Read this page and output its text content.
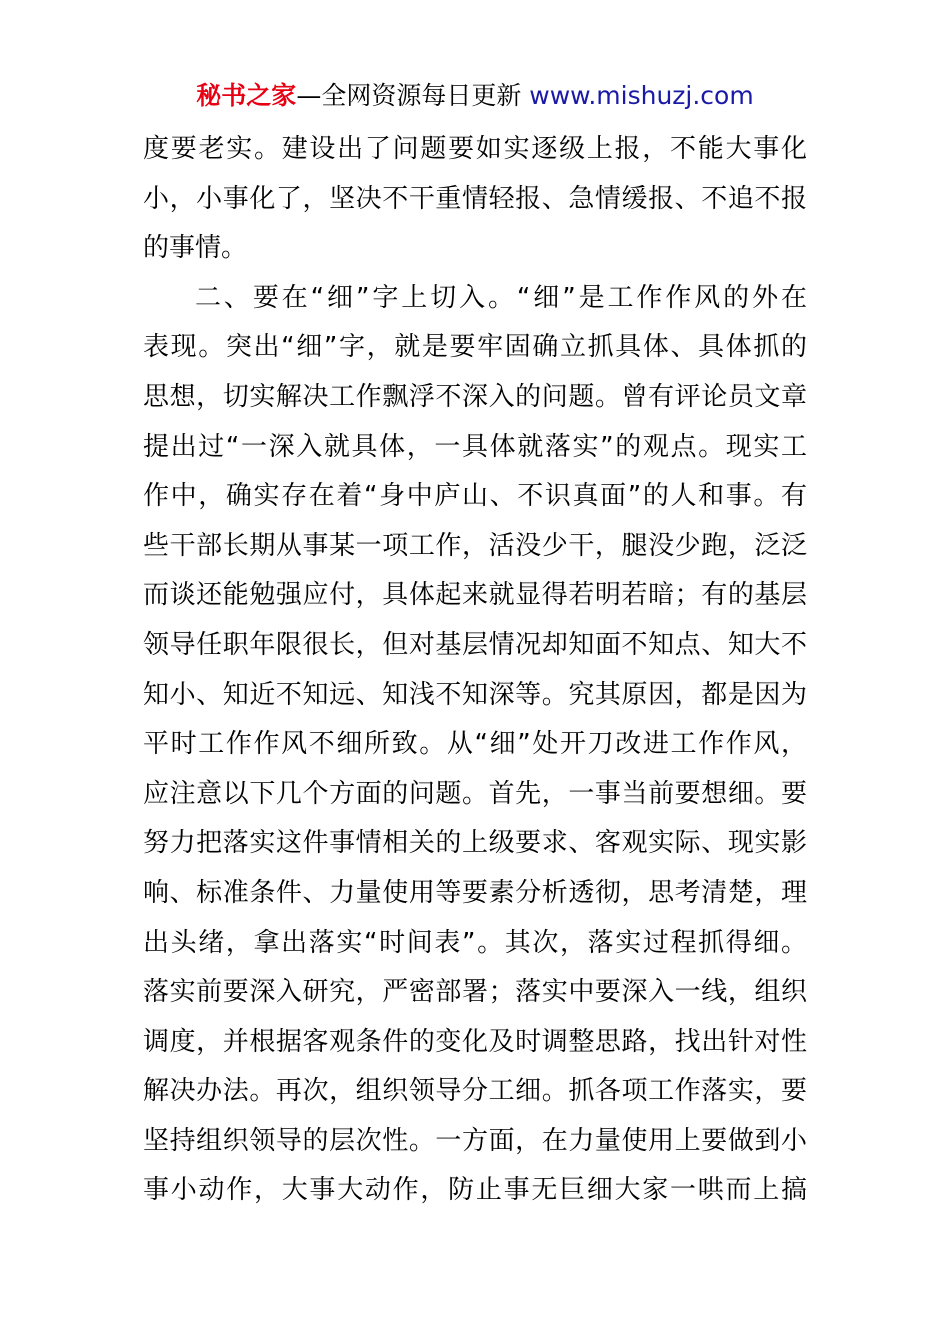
秘书之家—全网资源每日更新 www.mishuzj.com
度要老实。建设出了问题要如实逐级上报，不能大事化
小，小事化了，坚决不干重情轻报、急情缓报、不追不报
的事情。
二、要在“细”字上切入。“细”是工作作风的外在
表现。突出“细”字，就是要牢固确立抓具体、具体抓的
思想，切实解决工作飘浮不深入的问题。曾有评论员文章
提出过“一深入就具体，一具体就落实”的观点。现实工
作中，确实存在着“身中庐山、不识真面”的人和事。有
些干部长期从事某一项工作，活没少干，腿没少跑，泛泛
而谈还能勉强应付，具体起来就显得若明若暗；有的基层
领导任职年限很长，但对基层情况却知面不知点、知大不
知小、知近不知远、知浅不知深等。究其原因，都是因为
平时工作作风不细所致。从“细”处开刀改进工作作风，
应注意以下几个方面的问题。首先，一事当前要想细。要
努力把落实这件事情相关的上级要求、客观实际、现实影
响、标准条件、力量使用等要素分析透彻，思考清楚，理
出头绪，拿出落实“时间表”。其次，落实过程抓得细。
落实前要深入研究，严密部署；落实中要深入一线，组织
调度，并根据客观条件的变化及时调整思路，找出针对性
解决办法。再次，组织领导分工细。抓各项工作落实，要
坚持组织领导的层次性。一方面，在力量使用上要做到小
事小动作，大事大动作，防止事无巨细大家一哄而上搞
